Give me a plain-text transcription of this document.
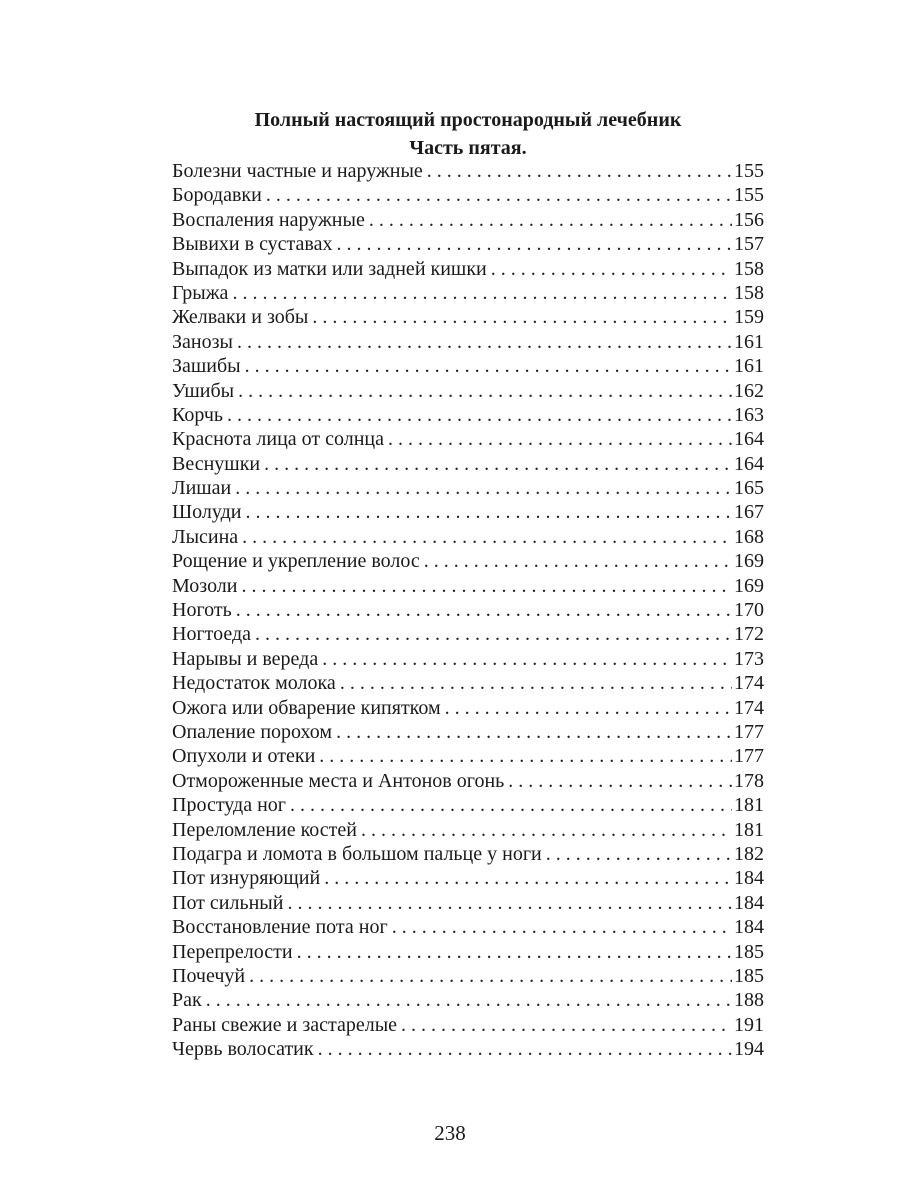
Полный настоящий простонародный лечебник
Часть пятая.
Болезни частные и наружные . . .	155
Бородавки . . .	155
Воспаления наружные . . .	156
Вывихи в суставах . . .	157
Выпадок из матки или задней кишки . . .	158
Грыжа . . .	158
Желваки и зобы . . .	159
Занозы . . .	161
Зашибы . . .	161
Ушибы . . .	162
Корчь . . .	163
Краснота лица от солнца . . .	164
Веснушки . . .	164
Лишаи . . .	165
Шолуди . . .	167
Лысина . . .	168
Рощение и укрепление волос . . .	169
Мозоли . . .	169
Ноготь . . .	170
Ногтоеда . . .	172
Нарывы и вереда . . .	173
Недостаток молока . . .	174
Ожога или обварение кипятком . . .	174
Опаление порохом . . .	177
Опухоли и отеки . . .	177
Отмороженные места и Антонов огонь . . .	178
Простуда ног . . .	181
Переломление костей . . .	181
Подагра и ломота в большом пальце у ноги . . .	182
Пот изнуряющий . . .	184
Пот сильный . . .	184
Восстановление пота ног . . .	184
Перепрелости . . .	185
Почечуй . . .	185
Рак . . .	188
Раны свежие и застарелые . . .	191
Червь волосатик . . .	194
238
